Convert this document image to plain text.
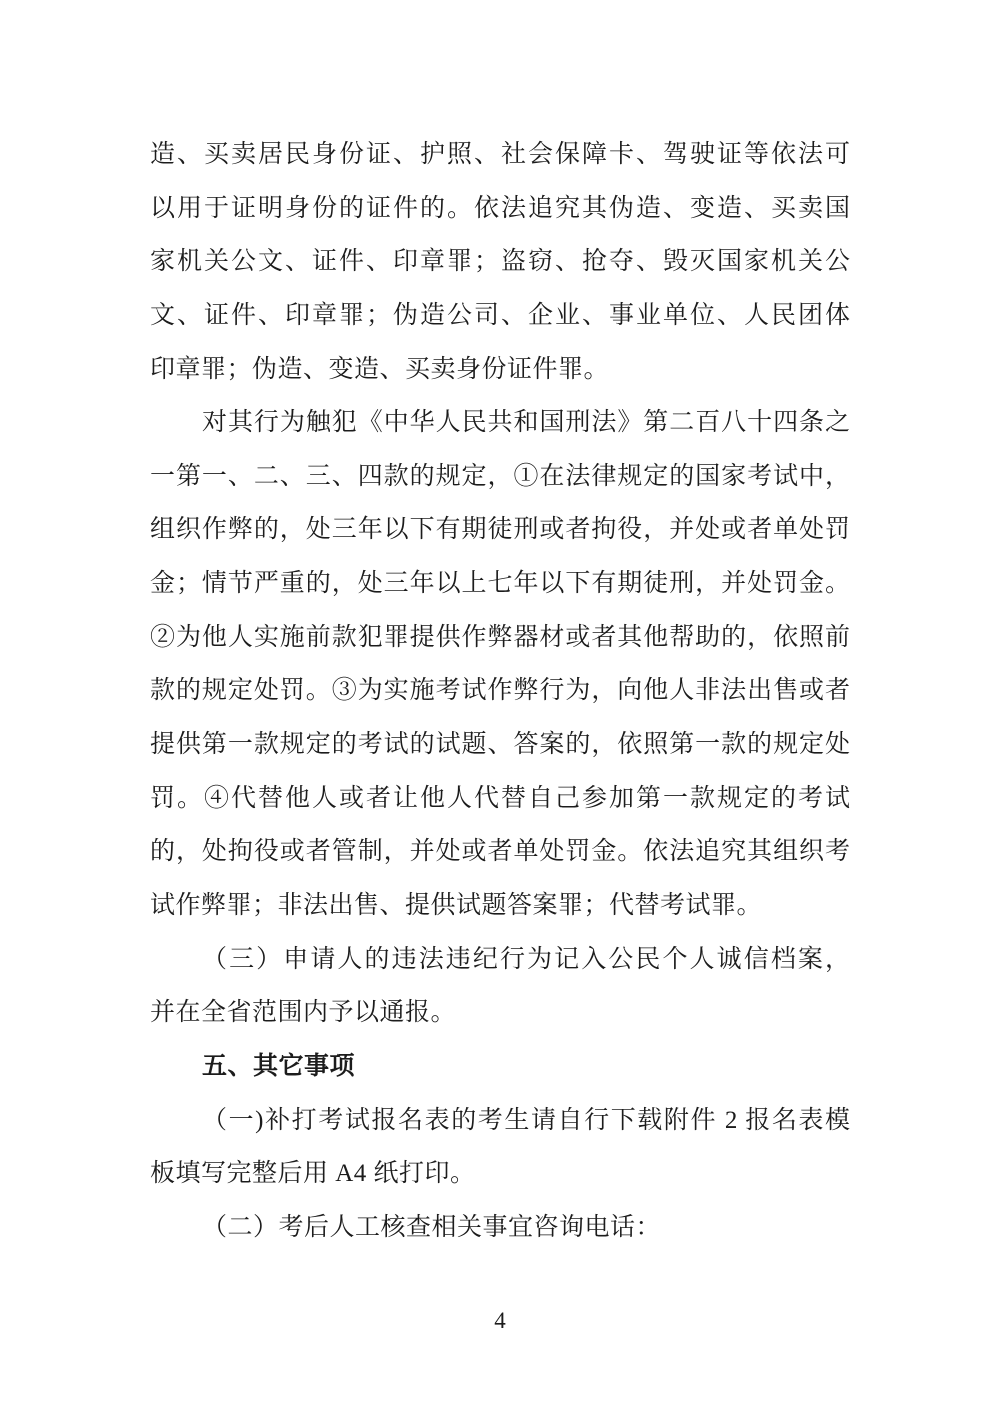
造、买卖居民身份证、护照、社会保障卡、驾驶证等依法可
以用于证明身份的证件的。依法追究其伪造、变造、买卖国
家机关公文、证件、印章罪；盗窃、抢夺、毁灭国家机关公
文、证件、印章罪；伪造公司、企业、事业单位、人民团体
印章罪；伪造、变造、买卖身份证件罪。
对其行为触犯《中华人民共和国刑法》第二百八十四条之
一第一、二、三、四款的规定，①在法律规定的国家考试中，
组织作弊的，处三年以下有期徒刑或者拘役，并处或者单处罚
金；情节严重的，处三年以上七年以下有期徒刑，并处罚金。
②为他人实施前款犯罪提供作弊器材或者其他帮助的，依照前
款的规定处罚。③为实施考试作弊行为，向他人非法出售或者
提供第一款规定的考试的试题、答案的，依照第一款的规定处
罚。④代替他人或者让他人代替自己参加第一款规定的考试
的，处拘役或者管制，并处或者单处罚金。依法追究其组织考
试作弊罪；非法出售、提供试题答案罪；代替考试罪。
（三）申请人的违法违纪行为记入公民个人诚信档案，
并在全省范围内予以通报。
五、其它事项
（一)补打考试报名表的考生请自行下载附件 2 报名表模
板填写完整后用 A4 纸打印。
（二）考后人工核查相关事宜咨询电话：
4
